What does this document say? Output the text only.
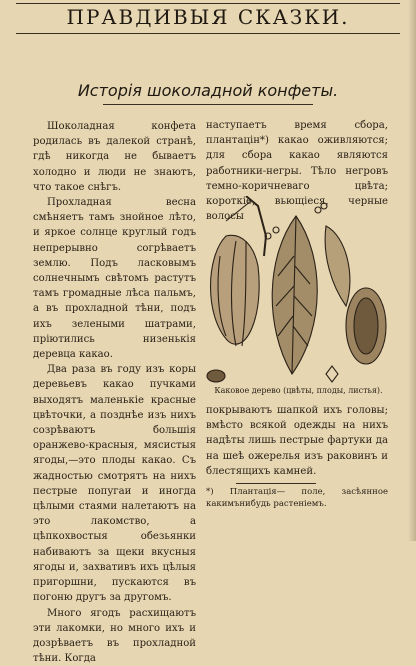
ПРАВДИВЫЯ СКАЗКИ.
Исторія шоколадной конфеты.

Шоколадная конфета родилась въ далекой странѣ, гдѣ никогда не бываетъ холодно и люди не знаютъ, что такое снѣгъ.

Прохладная весна смѣняетъ тамъ знойное лѣто, и яркое солнце круглый годъ непрерывно согрѣваетъ землю. Подъ ласковымъ солнечнымъ свѣтомъ растутъ тамъ громадные лѣса пальмъ, а въ прохладной тѣни, подъ ихъ зелеными шатрами, пріютились низенькія деревца какао.

Два раза въ году изъ коры деревьевъ какао пучками выходятъ маленькіе красные цвѣточки, а позднѣе изъ нихъ созрѣваютъ большія оранжево-красныя, мясистыя ягоды,—это плоды какао. Съ жадностью смотрятъ на нихъ пестрые попугаи и иногда цѣлыми стаями налетаютъ на это лакомство, а цѣпкохвостыя обезьянки набиваютъ за щеки вкусныя ягоды и, захвативъ ихъ цѣлыя пригоршни, пускаются въ погоню другъ за другомъ.

Много ягодъ расхищаютъ эти лакомки, но много ихъ и дозрѣваетъ въ прохладной тѣни. Когда

наступаетъ время сбора, плантацін*) какао оживляются; для сбора какао являются работники-негры. Тѣло негровъ темно-коричневаго цвѣта; короткіе, вьющіеся, черные волосы

Каковое дерево (цвѣты, плоды, листья).

покрываютъ шапкой ихъ головы; вмѣсто всякой одежды на нихъ надѣты лишь пестрые фартуки да на шеѣ ожерелья изъ раковинъ и блестящихъ камней.

*) Плантація— поле, засѣянное какимънибудь растеніемъ.
